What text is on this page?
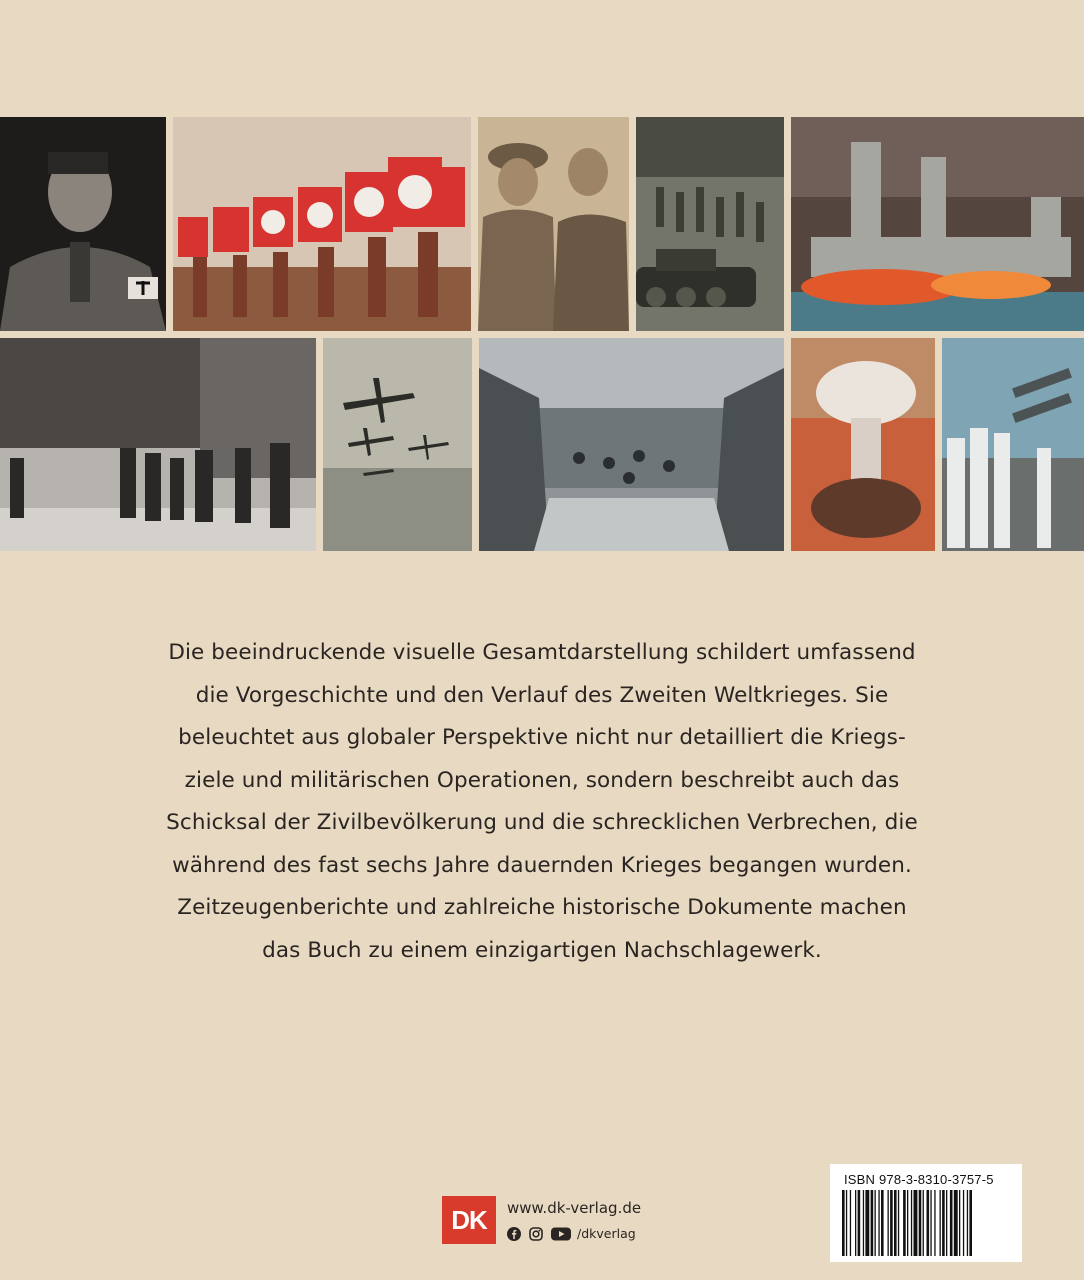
Die beeindruckende visuelle Gesamtdarstellung schildert umfassend
die Vorgeschichte und den Verlauf des Zweiten Weltkrieges. Sie
beleuchtet aus globaler Perspektive nicht nur detailliert die Kriegs-
ziele und militärischen Operationen, sondern beschreibt auch das
Schicksal der Zivilbevölkerung und die schrecklichen Verbrechen, die
während des fast sechs Jahre dauernden Krieges begangen wurden.
Zeitzeugenberichte und zahlreiche historische Dokumente machen
das Buch zu einem einzigartigen Nachschlagewerk.
DK	www.dk-verlag.de
/dkverlag
ISBN 978-3-8310-3757-5
